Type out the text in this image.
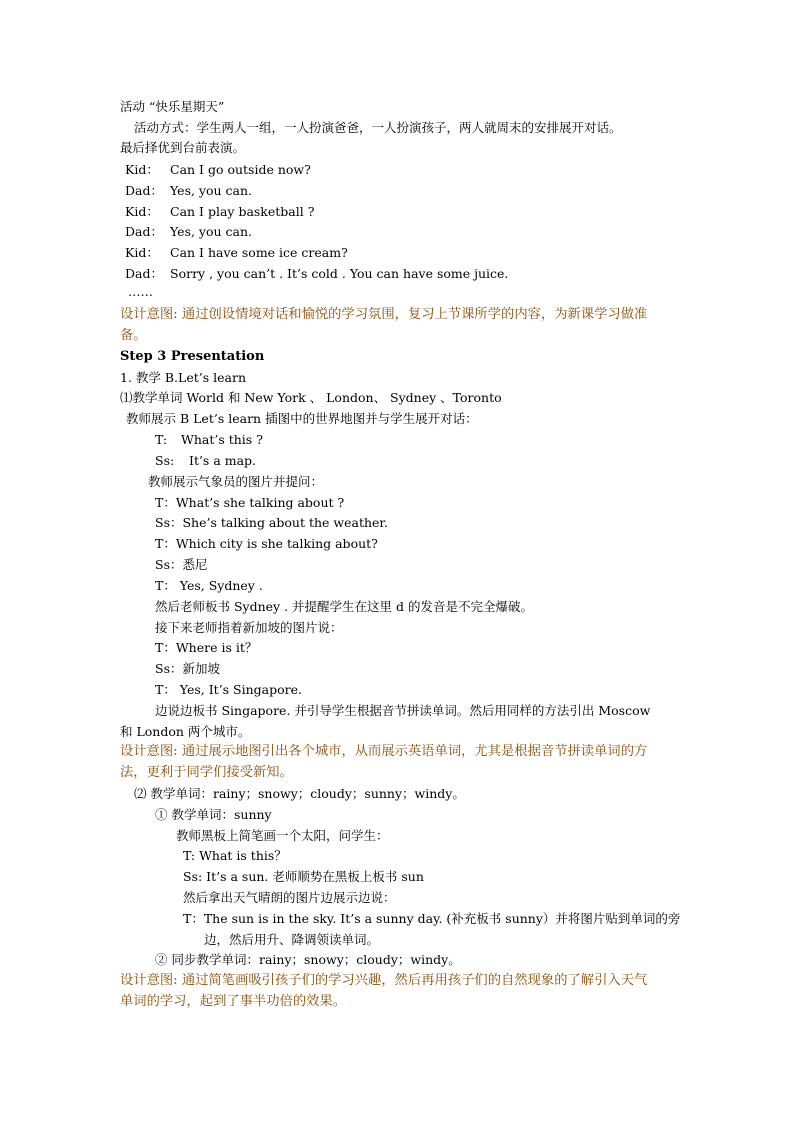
活动 “快乐星期天”
活动方式：学生两人一组，一人扮演爸爸，一人扮演孩子，两人就周末的安排展开对话。
最后择优到台前表演。
Kid： Can I go outside now?
Dad： Yes, you can.
Kid： Can I play basketball ?
Dad： Yes, you can.
Kid： Can I have some ice cream?
Dad： Sorry , you can’t . It’s cold . You can have some juice.
……
设计意图: 通过创设情境对话和愉悦的学习氛围，复习上节课所学的内容，为新课学习做准
备。
Step 3 Presentation
1. 教学 B.Let’s learn
⑴教学单词 World 和 New York 、 London、 Sydney 、Toronto
教师展示 B Let’s learn 插图中的世界地图并与学生展开对话：
T: What’s this ?
Ss: It’s a map.
教师展示气象员的图片并提问：
T：What’s she talking about ?
Ss：She’s talking about the weather.
T：Which city is she talking about?
Ss：悉尼
T： Yes, Sydney .
然后老师板书 Sydney . 并提醒学生在这里 d 的发音是不完全爆破。
接下来老师指着新加坡的图片说：
T：Where is it？
Ss：新加坡
T： Yes, It’s Singapore.
边说边板书 Singapore. 并引导学生根据音节拼读单词。然后用同样的方法引出 Moscow
和 London 两个城市。
设计意图: 通过展示地图引出各个城市，从而展示英语单词，尤其是根据音节拼读单词的方
法，更利于同学们接受新知。
⑵ 教学单词：rainy；snowy；cloudy；sunny；windy。
① 教学单词：sunny
教师黑板上简笔画一个太阳，问学生：
T: What is this？
Ss: It’s a sun. 老师顺势在黑板上板书 sun
然后拿出天气晴朗的图片边展示边说：
T：The sun is in the sky. It’s a sunny day. (补充板书 sunny）并将图片贴到单词的旁
边，然后用升、降调领读单词。
② 同步教学单词：rainy；snowy；cloudy；windy。
设计意图: 通过简笔画吸引孩子们的学习兴趣，然后再用孩子们的自然现象的了解引入天气
单词的学习，起到了事半功倍的效果。
